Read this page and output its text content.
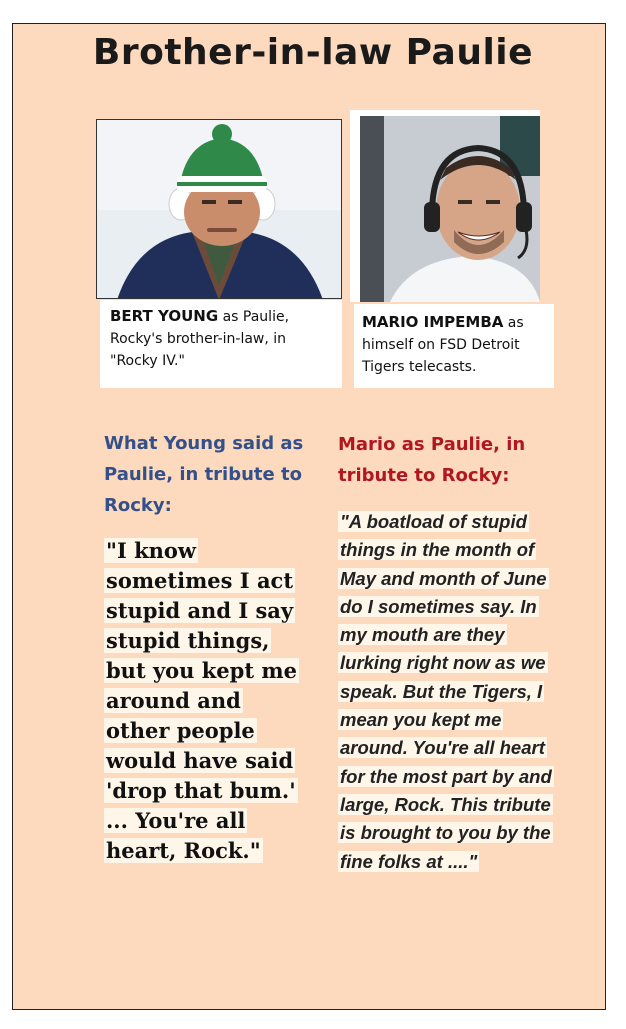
Brother-in-law Paulie
BERT YOUNG as Paulie, Rocky's brother-in-law, in "Rocky IV."
MARIO IMPEMBA as himself on FSD Detroit Tigers telecasts.
What Young said as Paulie, in tribute to Rocky:
"I know sometimes I act stupid and I say stupid things, but you kept me around and other people would have said 'drop that bum.' ... You're all heart, Rock."
Mario as Paulie, in tribute to Rocky:
"A boatload of stupid things in the month of May and month of June do I sometimes say. In my mouth are they lurking right now as we speak. But the Tigers, I mean you kept me around. You're all heart for the most part by and large, Rock. This tribute is brought to you by the fine folks at ...."
